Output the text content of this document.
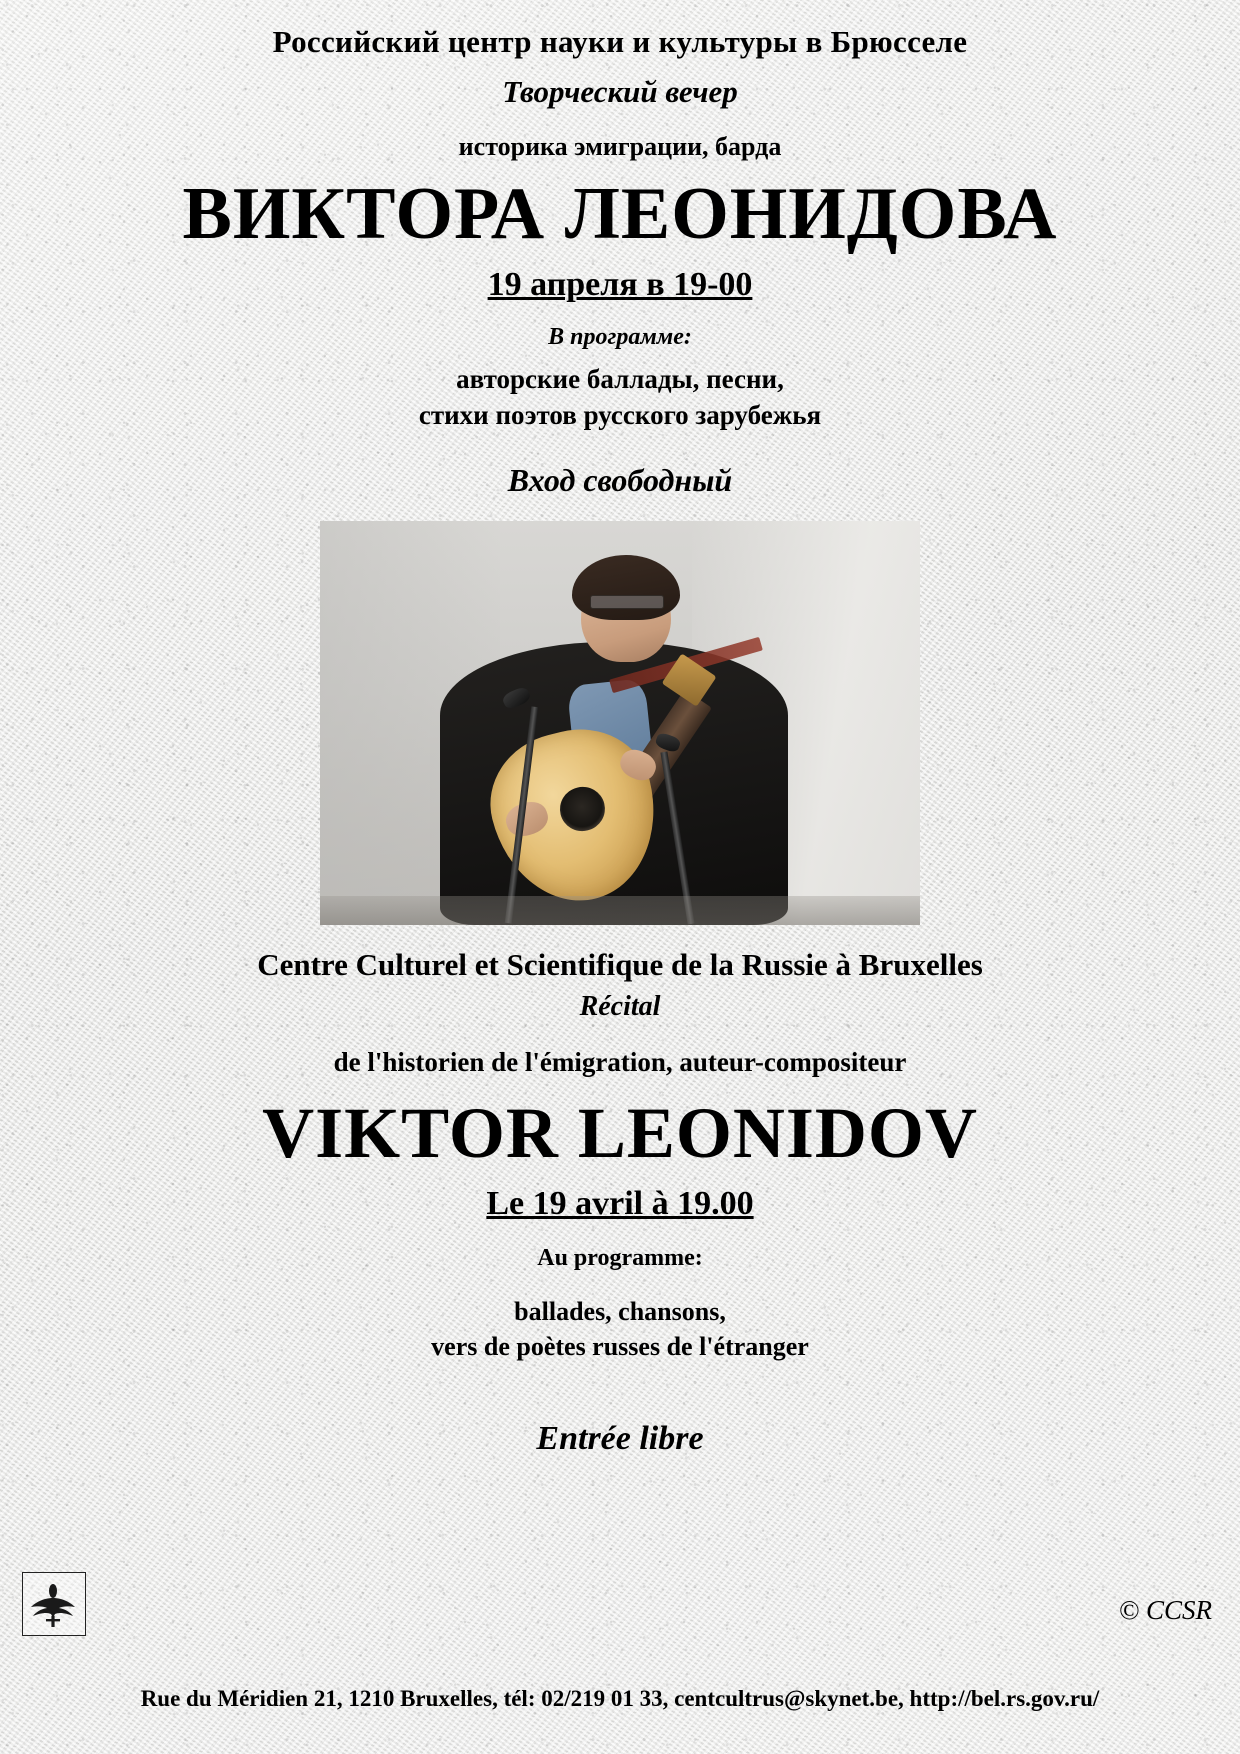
Российский центр науки и культуры в Брюсселе
Творческий вечер
историка эмиграции, барда
ВИКТОРА ЛЕОНИДОВА
19 апреля в 19-00
В программе:
авторские баллады, песни,
стихи поэтов русского зарубежья
Вход свободный
Centre Culturel et Scientifique de la Russie à Bruxelles
Récital
de l'historien de l'émigration, auteur-compositeur
VIKTOR LEONIDOV
Le 19 avril à 19.00
Au programme:
ballades, chansons,
vers de poètes russes de l'étranger
Entrée libre
© CCSR
Rue du Méridien 21, 1210 Bruxelles, tél: 02/219 01 33, centcultrus@skynet.be, http://bel.rs.gov.ru/
